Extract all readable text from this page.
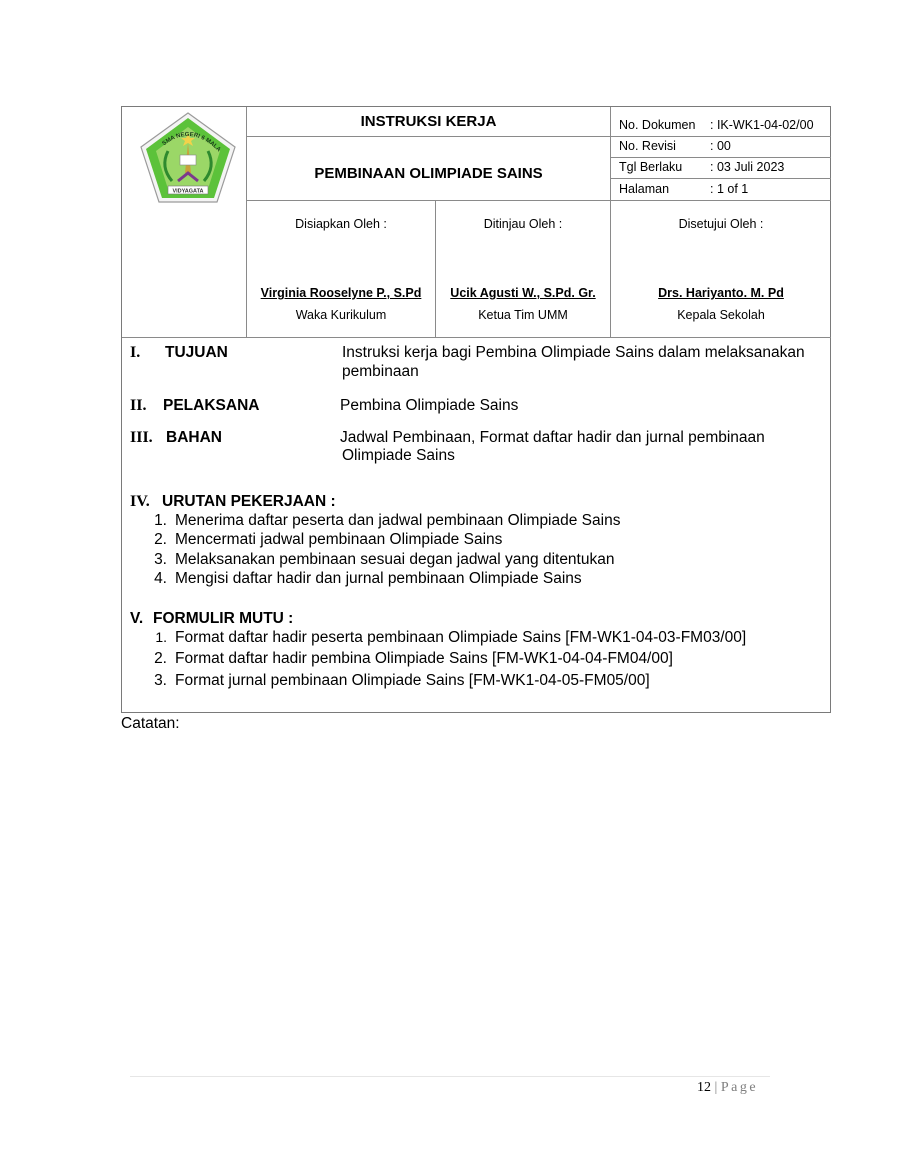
SMA NEGERI 6 MALA
VIDYAGATA
INSTRUKSI KERJA
PEMBINAAN OLIMPIADE SAINS
No. Dokumen : IK-WK1-04-02/00
No. Revisi	: 00
Tgl Berlaku : 03 Juli 2023
Halaman	: 1 of 1
Disiapkan Oleh :
Virginia Rooselyne P., S.Pd
Waka Kurikulum
Ditinjau Oleh :
Ucik Agusti W., S.Pd. Gr.
Ketua Tim UMM
Disetujui Oleh :
Drs. Hariyanto. M. Pd
Kepala Sekolah
I. TUJUAN	Instruksi kerja bagi Pembina Olimpiade Sains dalam melaksanakan
pembinaan
II. PELAKSANA	Pembina Olimpiade Sains
III. BAHAN	Jadwal Pembinaan, Format daftar hadir dan jurnal pembinaan
Olimpiade Sains
IV. URUTAN PEKERJAAN :
1. Menerima daftar peserta dan jadwal pembinaan Olimpiade Sains
2. Mencermati jadwal pembinaan Olimpiade Sains
3. Melaksanakan pembinaan sesuai degan jadwal yang ditentukan
4. Mengisi daftar hadir dan jurnal pembinaan Olimpiade Sains
V. FORMULIR MUTU :
1. Format daftar hadir peserta pembinaan Olimpiade Sains [FM-WK1-04-03-FM03/00]
2. Format daftar hadir pembina Olimpiade Sains [FM-WK1-04-04-FM04/00]
3. Format jurnal pembinaan Olimpiade Sains [FM-WK1-04-05-FM05/00]
Catatan:
12 | Page
